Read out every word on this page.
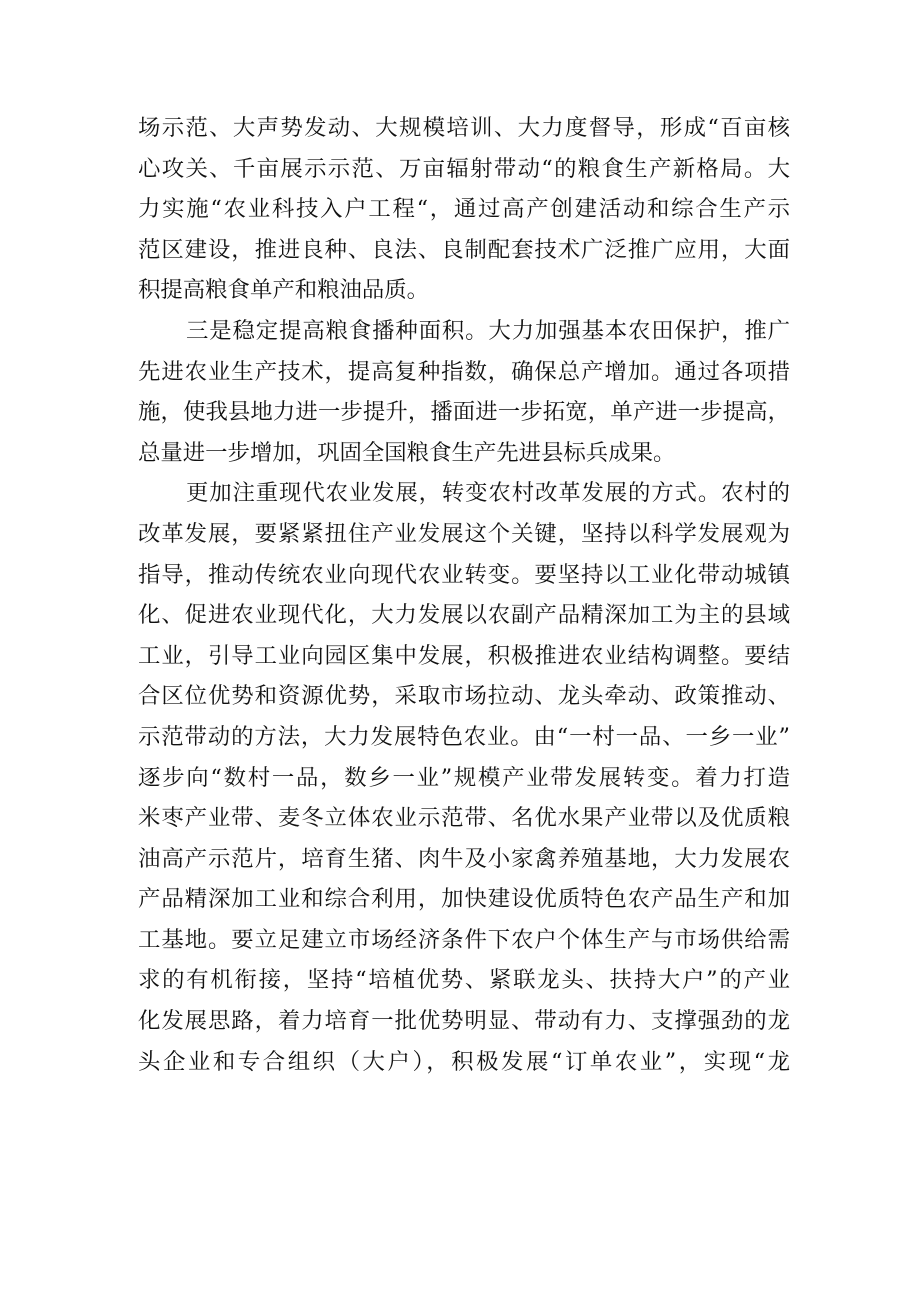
场示范、大声势发动、大规模培训、大力度督导，形成“百亩核
心攻关、千亩展示示范、万亩辐射带动“的粮食生产新格局。大
力实施“农业科技入户工程“，通过高产创建活动和综合生产示
范区建设，推进良种、良法、良制配套技术广泛推广应用，大面
积提高粮食单产和粮油品质。
三是稳定提高粮食播种面积。大力加强基本农田保护，推广
先进农业生产技术，提高复种指数，确保总产增加。通过各项措
施，使我县地力进一步提升，播面进一步拓宽，单产进一步提高，
总量进一步增加，巩固全国粮食生产先进县标兵成果。
更加注重现代农业发展，转变农村改革发展的方式。农村的
改革发展，要紧紧扭住产业发展这个关键，坚持以科学发展观为
指导，推动传统农业向现代农业转变。要坚持以工业化带动城镇
化、促进农业现代化，大力发展以农副产品精深加工为主的县域
工业，引导工业向园区集中发展，积极推进农业结构调整。要结
合区位优势和资源优势，采取市场拉动、龙头牵动、政策推动、
示范带动的方法，大力发展特色农业。由“一村一品、一乡一业”
逐步向“数村一品，数乡一业”规模产业带发展转变。着力打造
米枣产业带、麦冬立体农业示范带、名优水果产业带以及优质粮
油高产示范片，培育生猪、肉牛及小家禽养殖基地，大力发展农
产品精深加工业和综合利用，加快建设优质特色农产品生产和加
工基地。要立足建立市场经济条件下农户个体生产与市场供给需
求的有机衔接，坚持“培植优势、紧联龙头、扶持大户”的产业
化发展思路，着力培育一批优势明显、带动有力、支撑强劲的龙
头企业和专合组织（大户），积极发展“订单农业”，实现“龙
